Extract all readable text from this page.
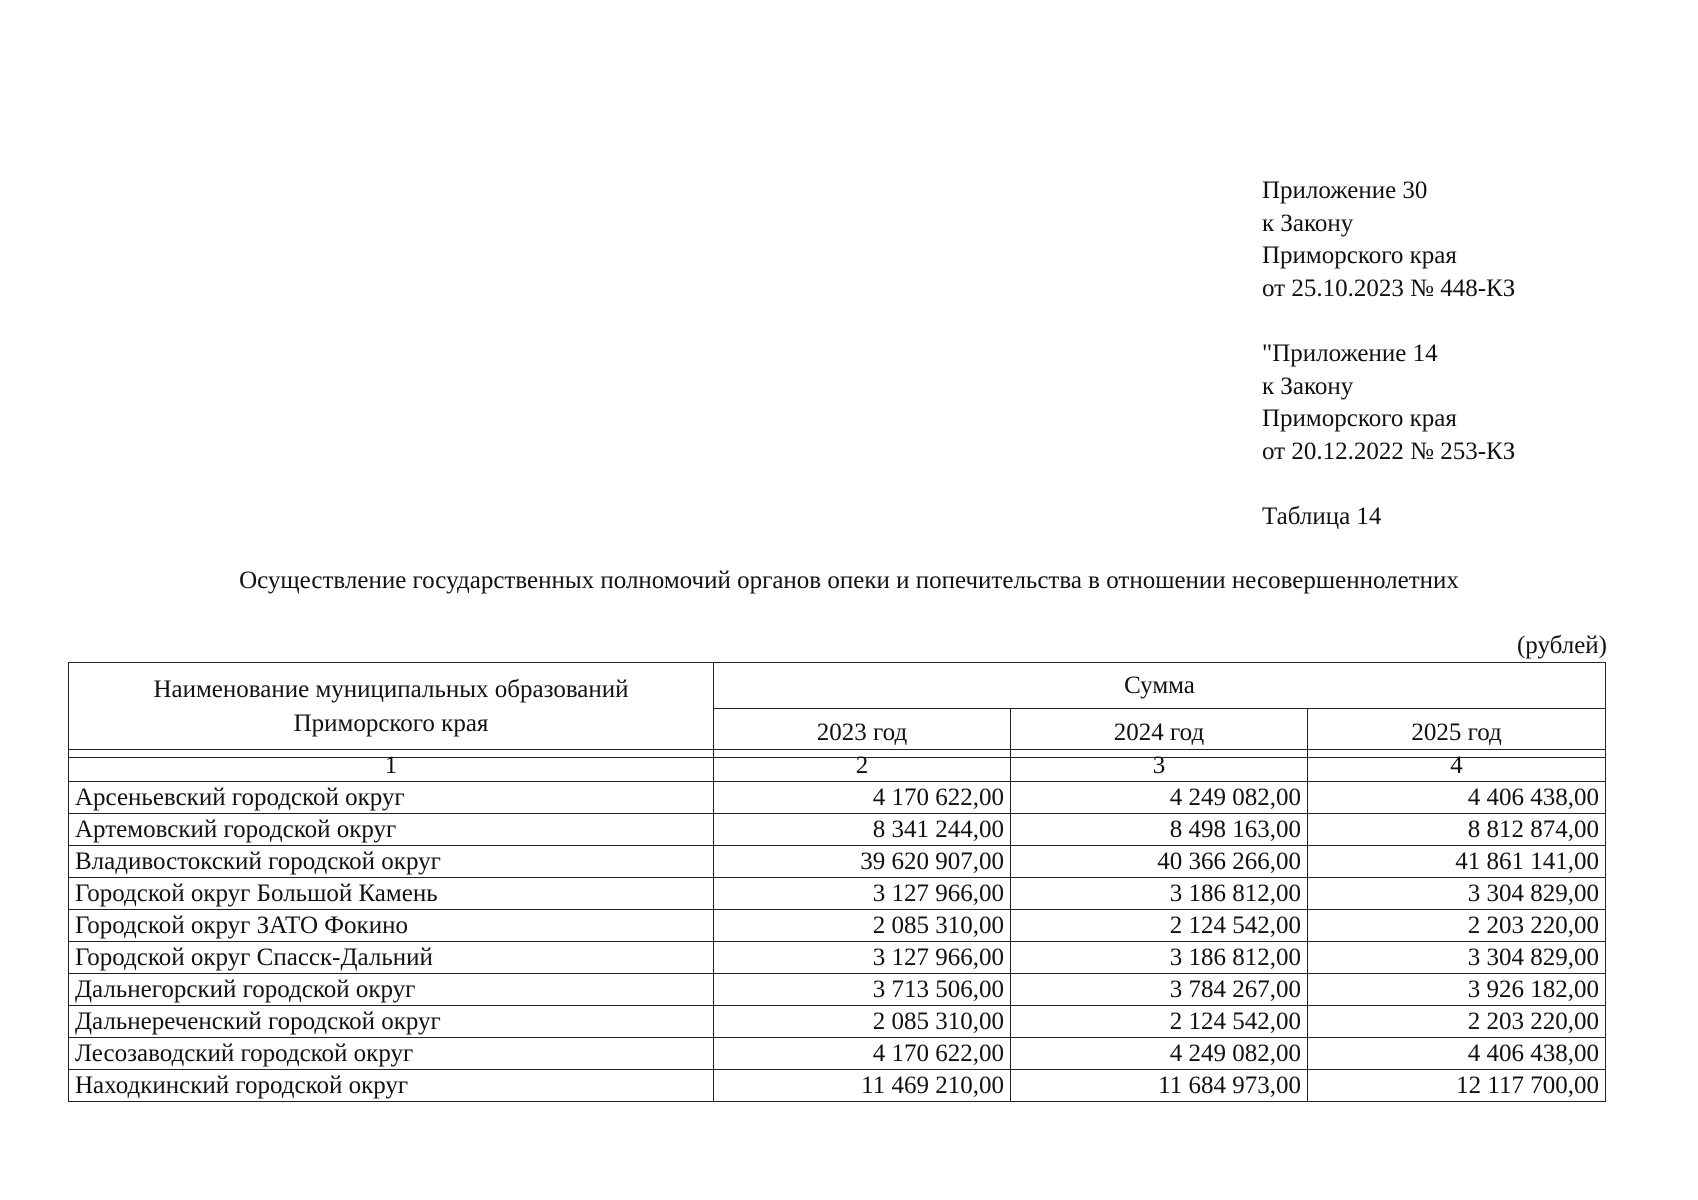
Приложение 30
к Закону
Приморского края
от 25.10.2023 № 448-КЗ
"Приложение 14
к Закону
Приморского края
от 20.12.2022 № 253-КЗ
Таблица 14
Осуществление государственных полномочий органов опеки и попечительства в отношении несовершеннолетних
(рублей)
Наименование муниципальных образований
Приморского края	Сумма		
	2023 год	2024 год	2025 год
1	2	3	4
Арсеньевский городской округ	4 170 622,00	4 249 082,00	4 406 438,00
Артемовский городской округ	8 341 244,00	8 498 163,00	8 812 874,00
Владивостокский городской округ	39 620 907,00	40 366 266,00	41 861 141,00
Городской округ Большой Камень	3 127 966,00	3 186 812,00	3 304 829,00
Городской округ ЗАТО Фокино	2 085 310,00	2 124 542,00	2 203 220,00
Городской округ Спасск-Дальний	3 127 966,00	3 186 812,00	3 304 829,00
Дальнегорский городской округ	3 713 506,00	3 784 267,00	3 926 182,00
Дальнереченский городской округ	2 085 310,00	2 124 542,00	2 203 220,00
Лесозаводский городской округ	4 170 622,00	4 249 082,00	4 406 438,00
Находкинский городской округ	11 469 210,00	11 684 973,00	12 117 700,00
